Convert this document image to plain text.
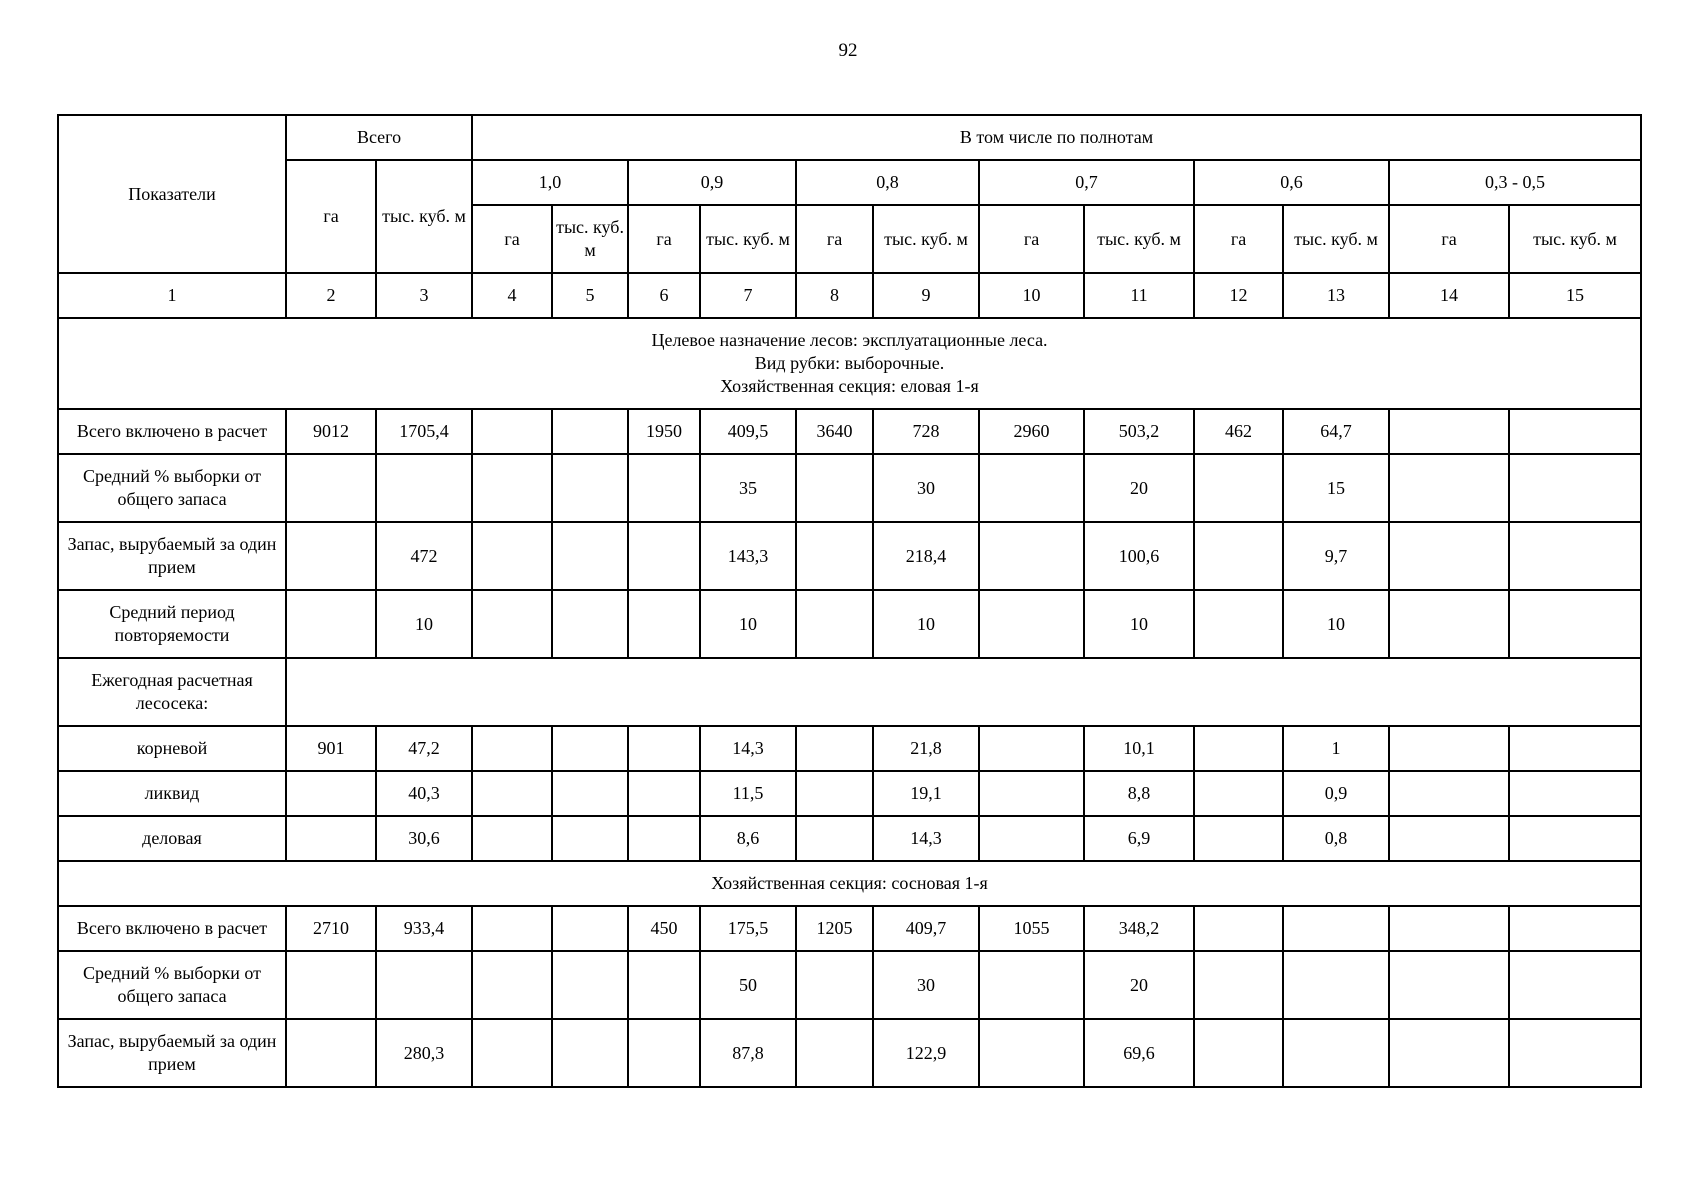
92
Показатели	Всего		В том числе по полнотам											
	га	тыс. куб. м	1,0		0,9		0,8		0,7		0,6		0,3 - 0,5	
			га	тыс. куб. м	га	тыс. куб. м	га	тыс. куб. м	га	тыс. куб. м	га	тыс. куб. м	га	тыс. куб. м
1	2	3	4	5	6	7	8	9	10	11	12	13	14	15

Целевое назначение лесов: эксплуатационные леса.
Вид рубки: выборочные.
Хозяйственная секция: еловая 1-я														

Всего включено в расчет	9012	1705,4			1950	409,5	3640	728	2960	503,2	462	64,7		
Средний % выборки от общего запаса						35		30		20		15		
Запас, вырубаемый за один прием		472				143,3		218,4		100,6		9,7		
Средний период повторяемости		10				10		10		10		10		
Ежегодная расчетная лесосека:														
корневой	901	47,2				14,3		21,8		10,1		1		
ликвид		40,3				11,5		19,1		8,8		0,9		
деловая		30,6				8,6		14,3		6,9		0,8		

Хозяйственная секция: сосновая 1-я														

Всего включено в расчет	2710	933,4			450	175,5	1205	409,7	1055	348,2				
Средний % выборки от общего запаса						50		30		20				
Запас, вырубаемый за один прием		280,3				87,8		122,9		69,6				
